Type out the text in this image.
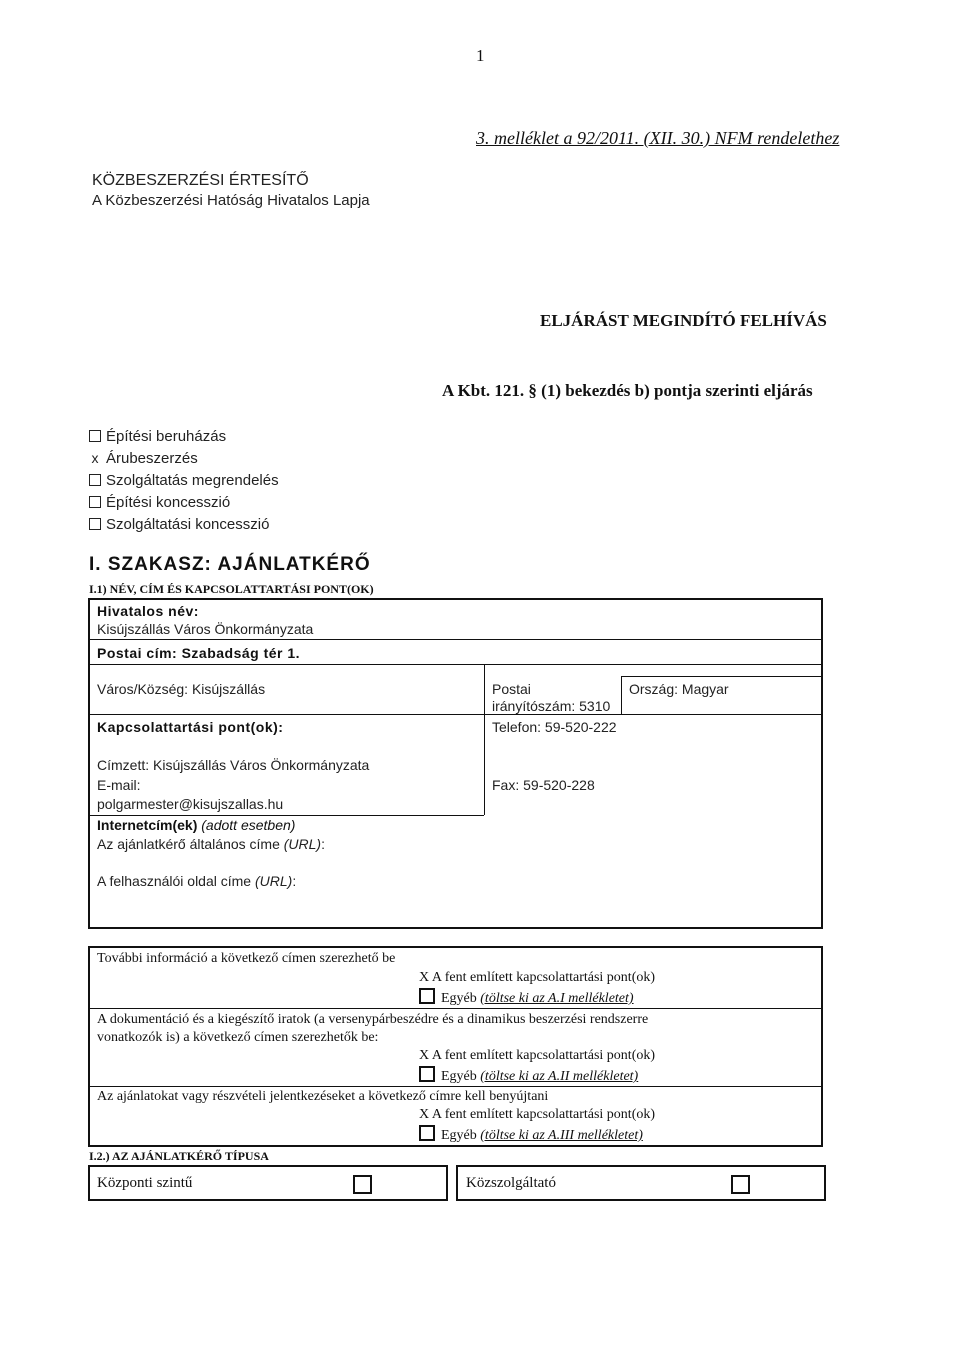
1
3. melléklet a 92/2011. (XII. 30.) NFM rendelethez
KÖZBESZERZÉSI ÉRTESÍTŐ
A Közbeszerzési Hatóság Hivatalos Lapja
ELJÁRÁST MEGINDÍTÓ FELHÍVÁS
A Kbt. 121. § (1) bekezdés b) pontja szerinti eljárás
Építési beruházás
x Árubeszerzés
Szolgáltatás megrendelés
Építési koncesszió
Szolgáltatási koncesszió
I. SZAKASZ: AJÁNLATKÉRŐ
I.1) NÉV, CÍM ÉS KAPCSOLATTARTÁSI PONT(OK)
Hivatalos név:
Kisújszállás Város Önkormányzata
Postai cím: Szabadság tér 1.
Város/Község: Kisújszállás	Postai
irányítószám: 5310
Ország: Magyar
Kapcsolattartási pont(ok):	Telefon: 59-520-222
Címzett: Kisújszállás Város Önkormányzata
E-mail:
polgarmester@kisujszallas.hu
Fax: 59-520-228
Internetcím(ek) (adott esetben)
Az ajánlatkérő általános címe (URL):
A felhasználói oldal címe (URL):
További információ a következő címen szerezhető be
X A fent említett kapcsolattartási pont(ok)
Egyéb (töltse ki az A.I mellékletet)
A dokumentáció és a kiegészítő iratok (a versenypárbeszédre és a dinamikus beszerzési rendszerre
vonatkozók is) a következő címen szerezhetők be:
X A fent említett kapcsolattartási pont(ok)
Egyéb (töltse ki az A.II mellékletet)
Az ajánlatokat vagy részvételi jelentkezéseket a következő címre kell benyújtani
X A fent említett kapcsolattartási pont(ok)
Egyéb (töltse ki az A.III mellékletet)
I.2.) AZ AJÁNLATKÉRŐ TÍPUSA
Központi szintű	Közszolgáltató
